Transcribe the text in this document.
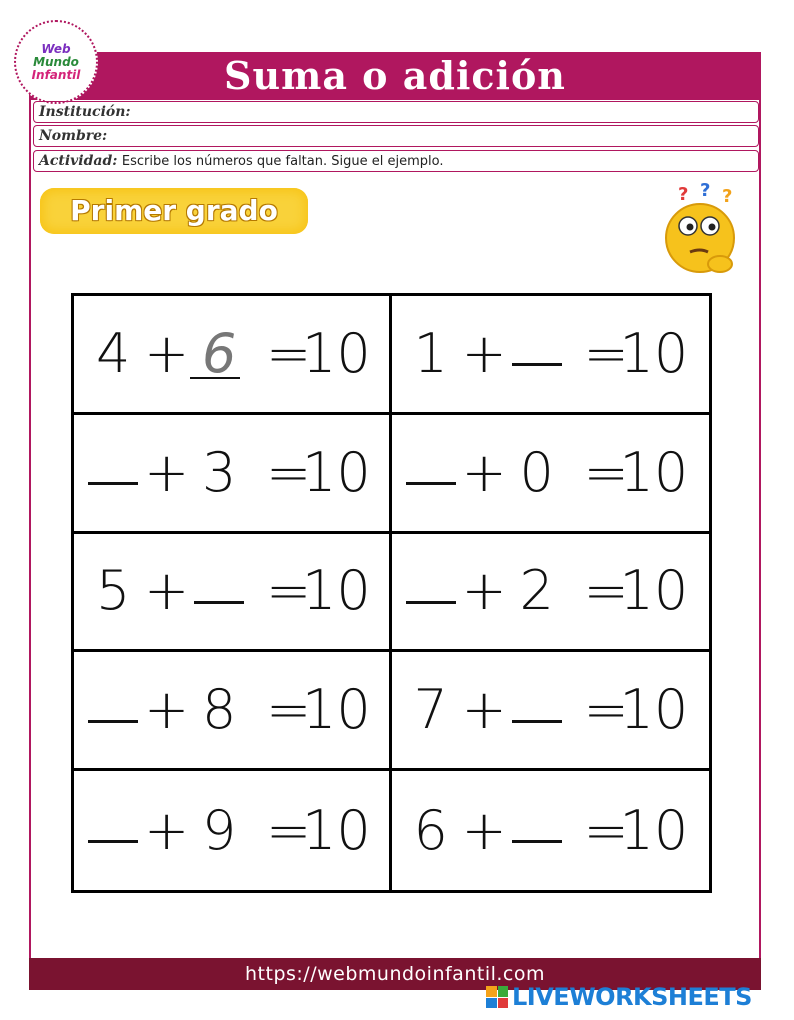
Suma o adición
Web
Mundo
Infantil
Institución:
Nombre:
Actividad: Escribe los números que faltan. Sigue el ejemplo.
Primer grado	? ? ?
4 + 6 =
10 1 + =
10
+ 3 =
10 + 0 =
10
5 + =
10 + 2 =
10
+ 8 =
10 7 + =
10
+ 9 =
10 6 + =
10
https://webmundoinfantil.com
LIVEWORKSHEETS
